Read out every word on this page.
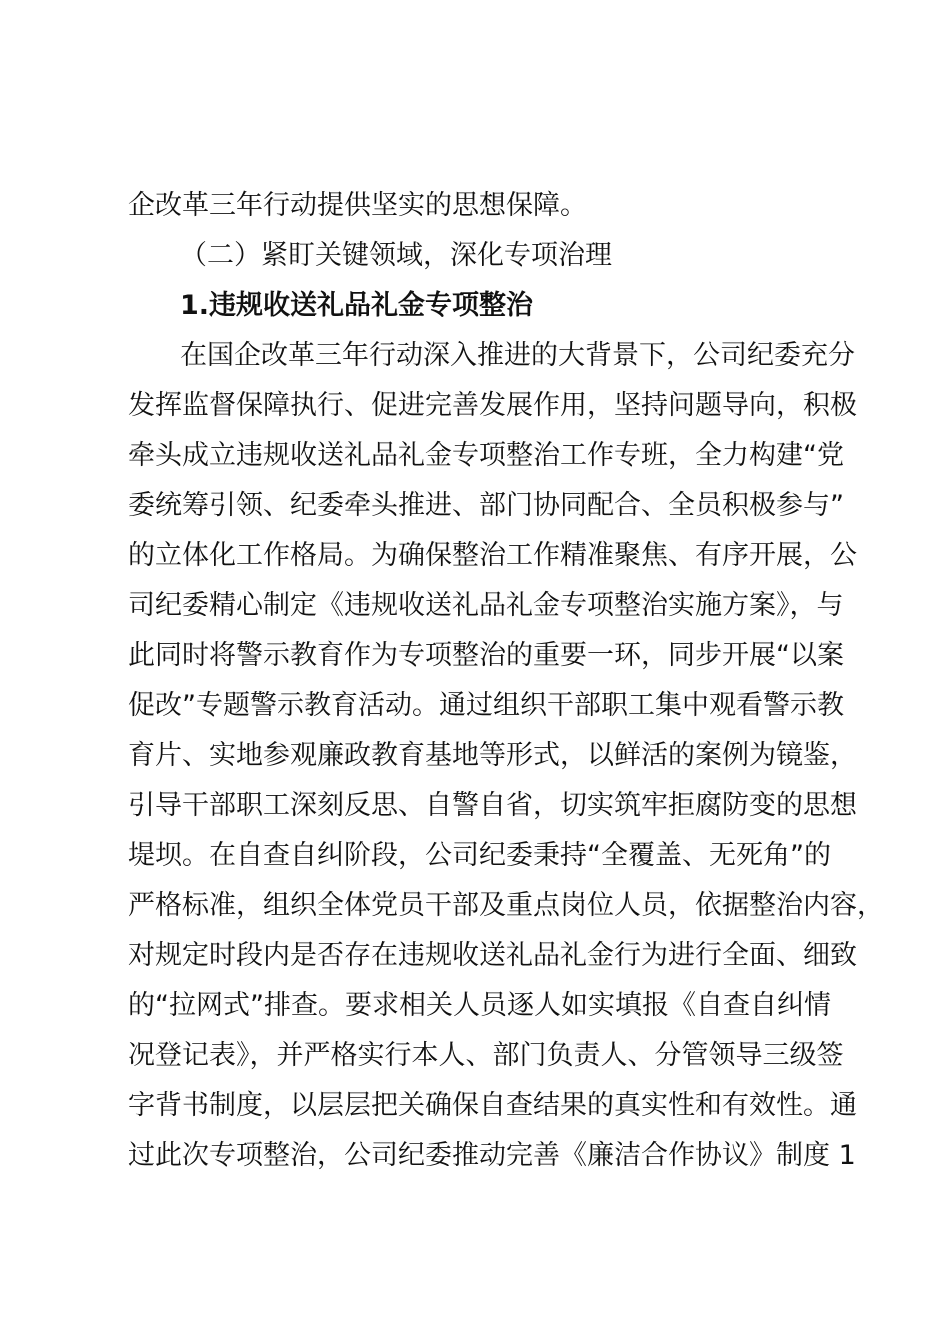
企改革三年行动提供坚实的思想保障。
（二）紧盯关键领域，深化专项治理
1.违规收送礼品礼金专项整治
在国企改革三年行动深入推进的大背景下，公司纪委充分
发挥监督保障执行、促进完善发展作用，坚持问题导向，积极
牵头成立违规收送礼品礼金专项整治工作专班，全力构建“党
委统筹引领、纪委牵头推进、部门协同配合、全员积极参与”
的立体化工作格局。为确保整治工作精准聚焦、有序开展，公
司纪委精心制定《违规收送礼品礼金专项整治实施方案》，与
此同时将警示教育作为专项整治的重要一环，同步开展“以案
促改”专题警示教育活动。通过组织干部职工集中观看警示教
育片、实地参观廉政教育基地等形式，以鲜活的案例为镜鉴，
引导干部职工深刻反思、自警自省，切实筑牢拒腐防变的思想
堤坝。在自查自纠阶段，公司纪委秉持“全覆盖、无死角”的
严格标准，组织全体党员干部及重点岗位人员，依据整治内容，
对规定时段内是否存在违规收送礼品礼金行为进行全面、细致
的“拉网式”排查。要求相关人员逐人如实填报《自查自纠情
况登记表》，并严格实行本人、部门负责人、分管领导三级签
字背书制度，以层层把关确保自查结果的真实性和有效性。通
过此次专项整治，公司纪委推动完善《廉洁合作协议》制度 1
